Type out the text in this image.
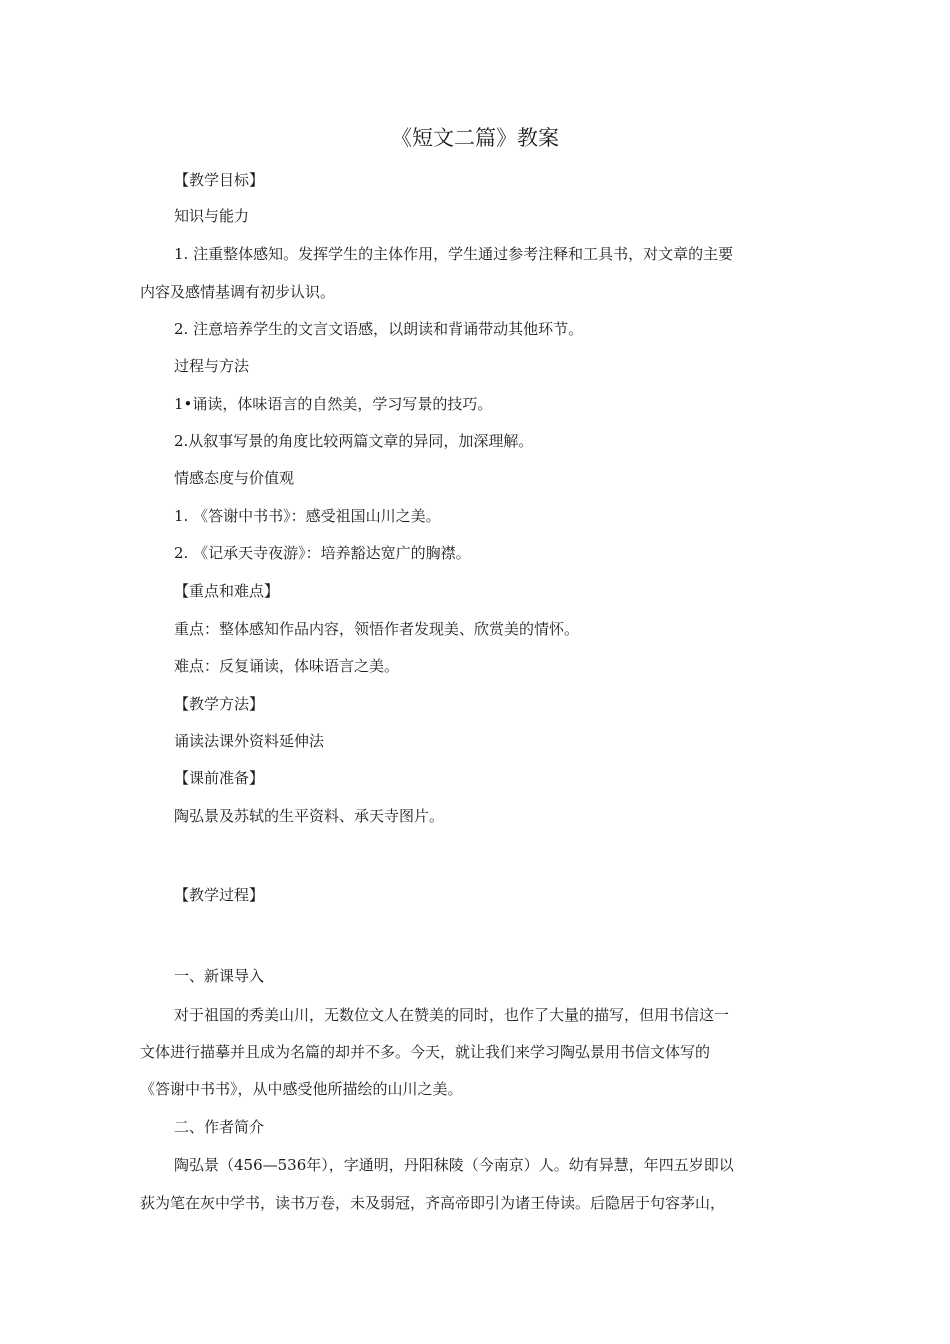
《短文二篇》教案
【教学目标】
知识与能力
1. 注重整体感知。发挥学生的主体作用，学生通过参考注释和工具书，对文章的主要
内容及感情基调有初步认识。
2. 注意培养学生的文言文语感，以朗读和背诵带动其他环节。
过程与方法
1•诵读，体味语言的自然美，学习写景的技巧。
2.从叙事写景的角度比较两篇文章的异同，加深理解。
情感态度与价值观
1. 《答谢中书书》：感受祖国山川之美。
2. 《记承天寺夜游》：培养豁达宽广的胸襟。
【重点和难点】
重点：整体感知作品内容，领悟作者发现美、欣赏美的情怀。
难点：反复诵读，体味语言之美。
【教学方法】
诵读法课外资料延伸法
【课前准备】
陶弘景及苏轼的生平资料、承天寺图片。
【教学过程】
一、新课导入
对于祖国的秀美山川，无数位文人在赞美的同时，也作了大量的描写，但用书信这一
文体进行描摹并且成为名篇的却并不多。今天，就让我们来学习陶弘景用书信文体写的
《答谢中书书》，从中感受他所描绘的山川之美。
二、作者简介
陶弘景（456—536年），字通明，丹阳秣陵（今南京）人。幼有异慧，年四五岁即以
荻为笔在灰中学书，读书万卷，未及弱冠，齐高帝即引为诸王侍读。后隐居于句容茅山，
